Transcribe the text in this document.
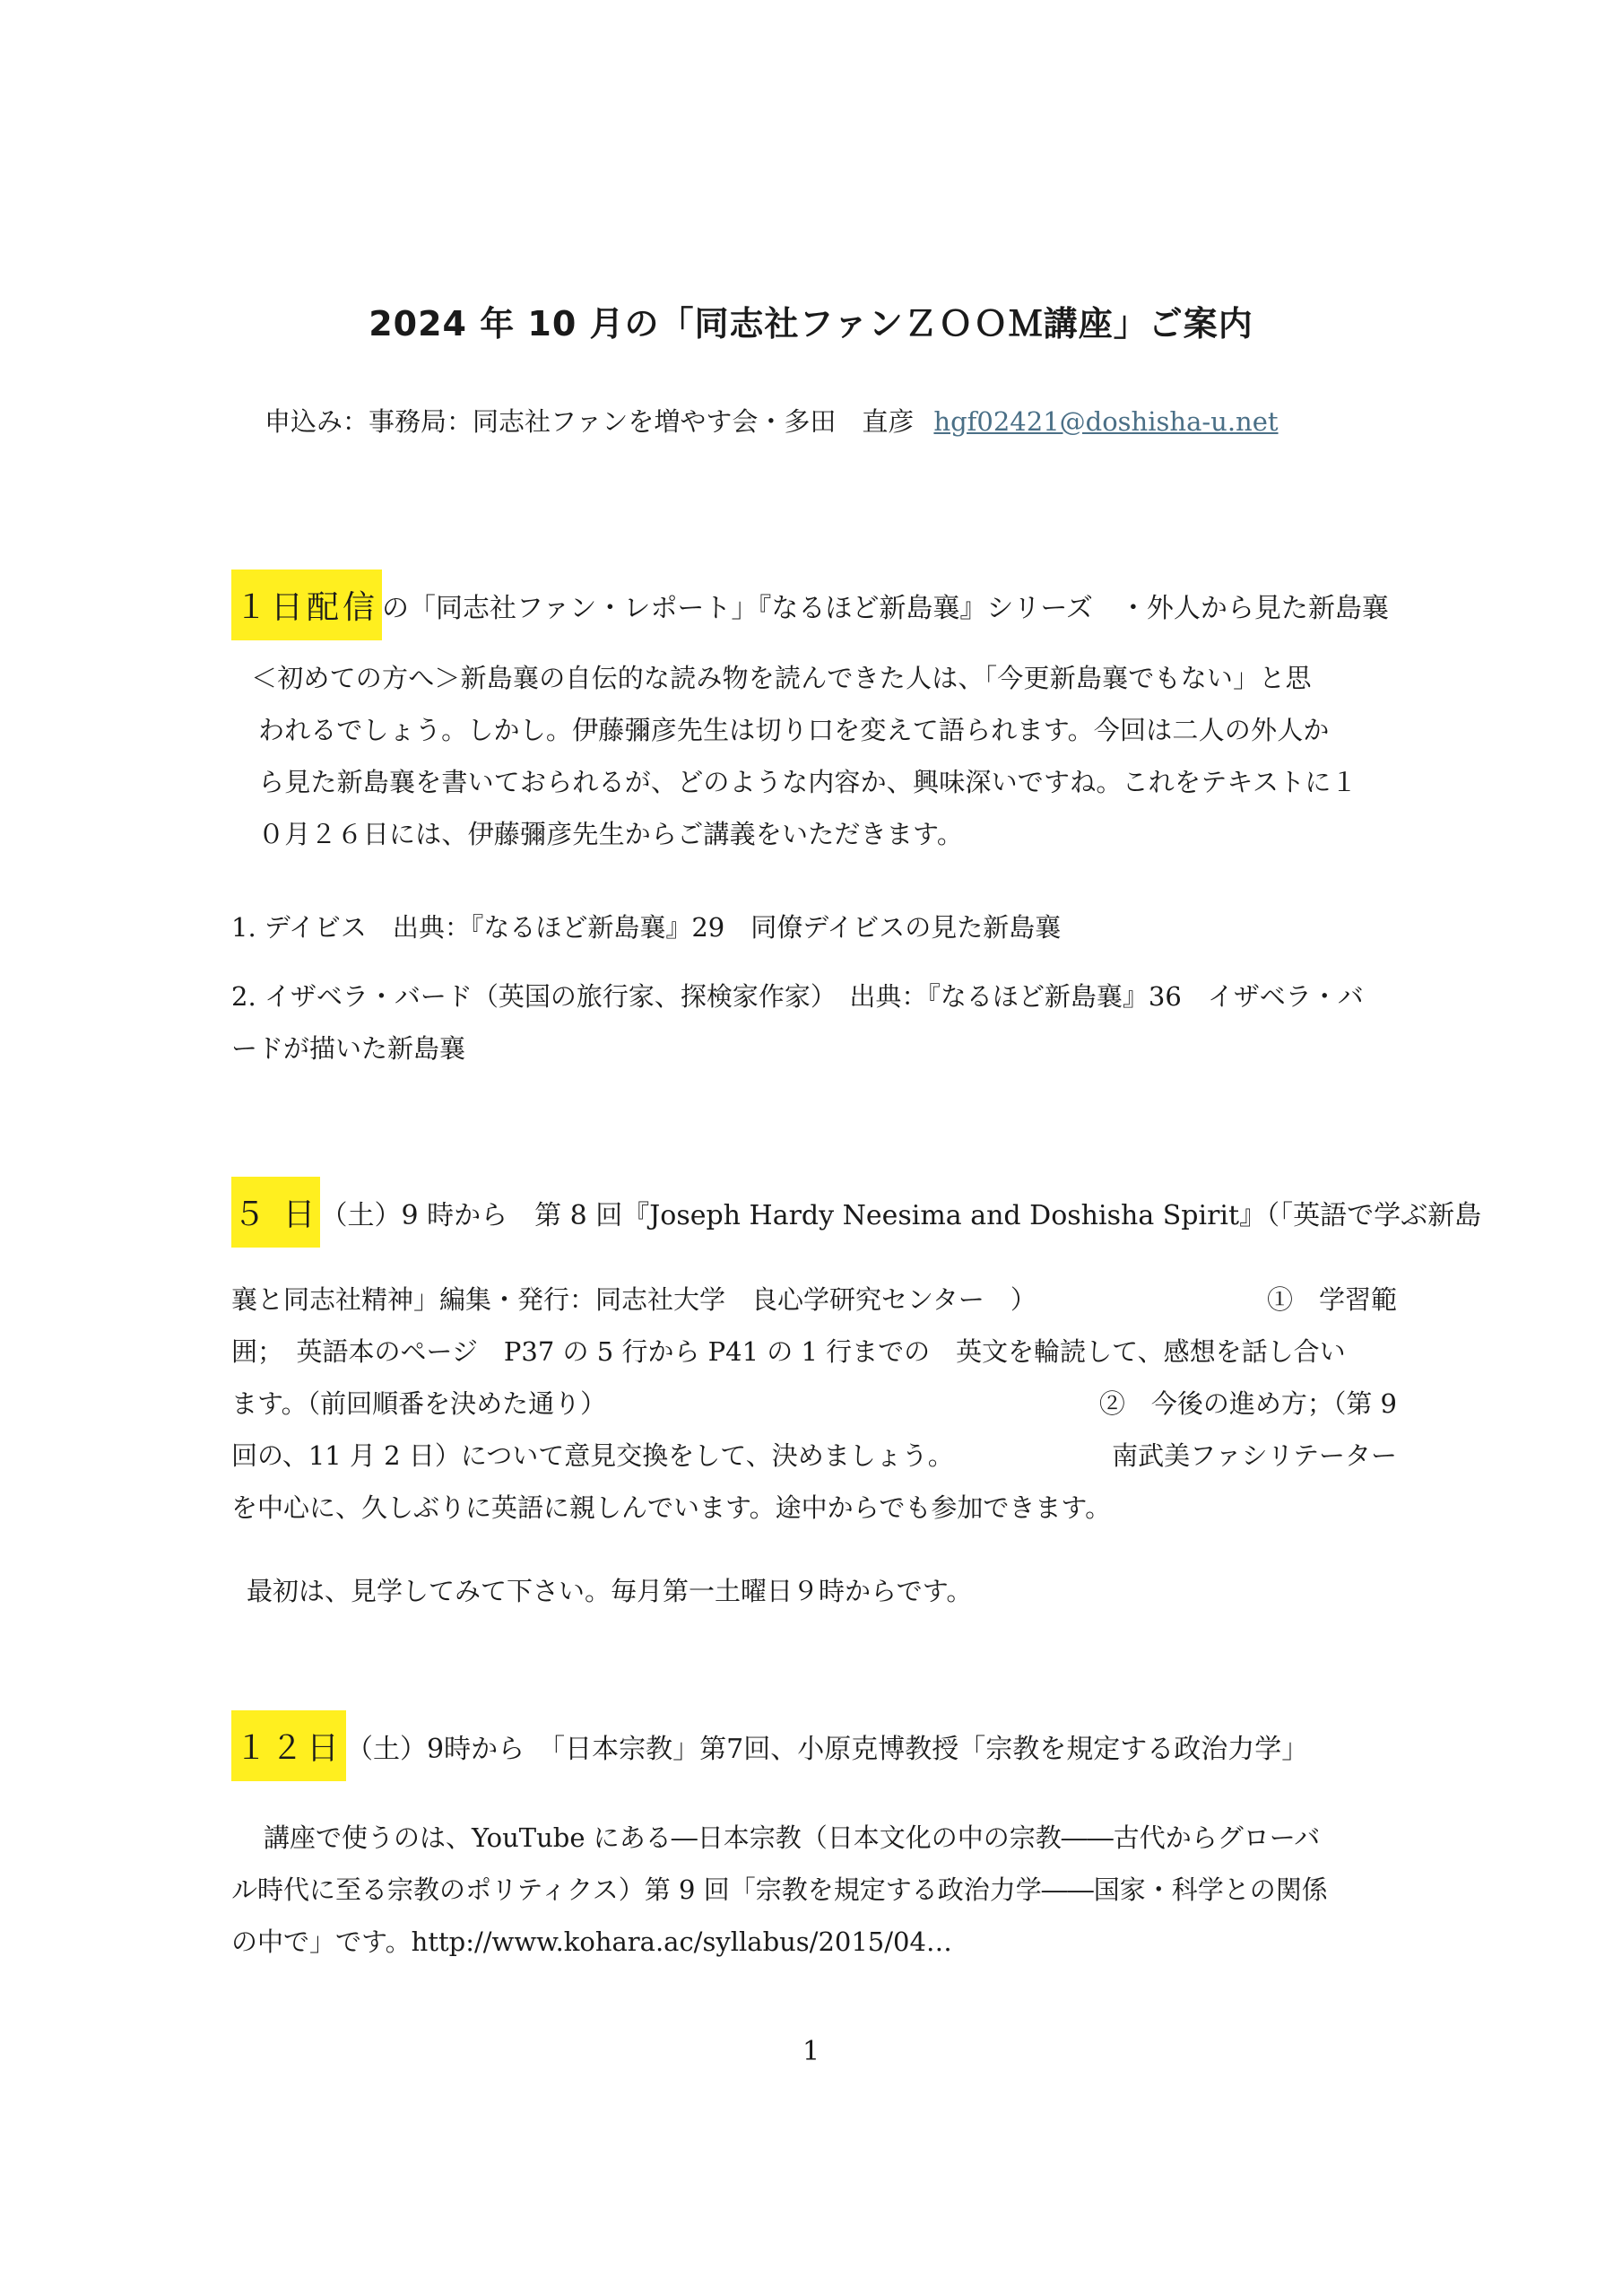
2024 年 10 月の「同志社ファンＺＯＯＭ講座」ご案内
申込み：事務局：同志社ファンを増やす会・多田　直彦 hgf02421@doshisha-u.net
１日配信 の「同志社ファン・レポート」『なるほど新島襄』シリーズ　・外人から見た新島襄
＜初めての方へ＞新島襄の自伝的な読み物を読んできた人は、「今更新島襄でもない」と思
われるでしょう。しかし。伊藤彌彦先生は切り口を変えて語られます。今回は二人の外人か
ら見た新島襄を書いておられるが、どのような内容か、興味深いですね。これをテキストに１
０月２６日には、伊藤彌彦先生からご講義をいただきます。
1. デイビス　出典：『なるほど新島襄』29　同僚デイビスの見た新島襄
2. イザベラ・バード（英国の旅行家、探検家作家）　出典：『なるほど新島襄』36　イザベラ・バ
ードが描いた新島襄
５ 日 （土）9 時から　第 8 回『Joseph Hardy Neesima and Doshisha Spirit』（「英語で学ぶ新島
襄と同志社精神」編集・発行：同志社大学　良心学研究センター　）	①　学習範
囲；　英語本のページ　P37 の 5 行から P41 の 1 行までの　英文を輪読して、感想を話し合い
ます。（前回順番を決めた通り）	②　今後の進め方；（第 9
回の、11 月 2 日）について意見交換をして、決めましょう。	南武美ファシリテーター
を中心に、久しぶりに英語に親しんでいます。途中からでも参加できます。
最初は、見学してみて下さい。毎月第一土曜日９時からです。
１２日 （土）9時から　「日本宗教」第7回、小原克博教授「宗教を規定する政治力学」
講座で使うのは、YouTube にある―日本宗教（日本文化の中の宗教――古代からグローバ
ル時代に至る宗教のポリティクス）第 9 回「宗教を規定する政治力学――国家・科学との関係
の中で」です。http://www.kohara.ac/syllabus/2015/04…
1
